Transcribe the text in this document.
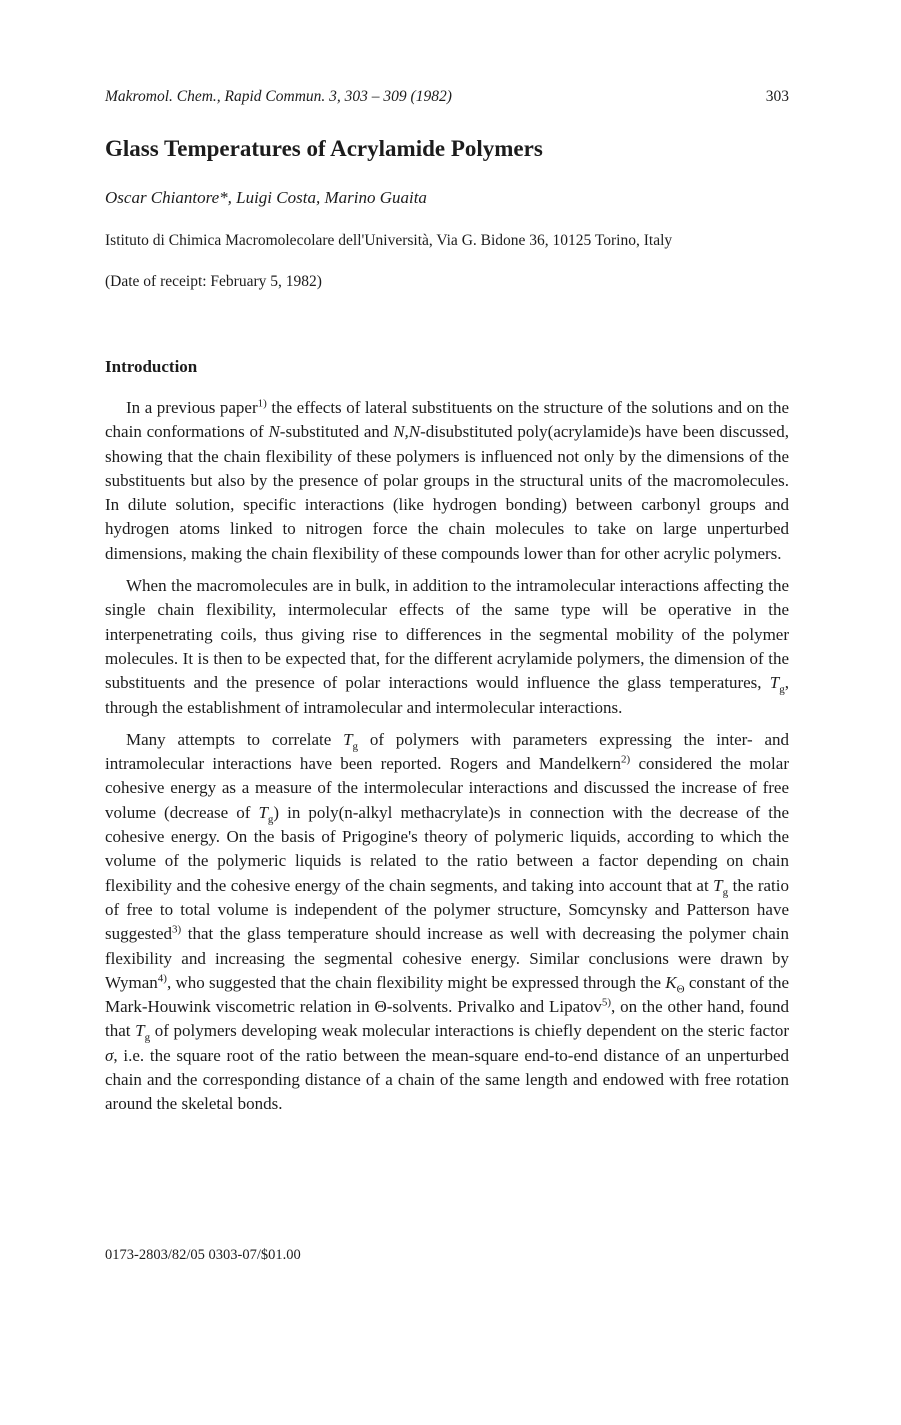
Makromol. Chem., Rapid Commun. 3, 303 – 309 (1982)	303
Glass Temperatures of Acrylamide Polymers
Oscar Chiantore*, Luigi Costa, Marino Guaita
Istituto di Chimica Macromolecolare dell'Università, Via G. Bidone 36, 10125 Torino, Italy
(Date of receipt: February 5, 1982)
Introduction

In a previous paper$^{1)}$ the effects of lateral substituents on the structure of the solutions and on the chain conformations of N-substituted and N,N-disubstituted poly(acrylamide)s have been discussed, showing that the chain flexibility of these polymers is influenced not only by the dimensions of the substituents but also by the presence of polar groups in the structural units of the macromolecules. In dilute solution, specific interactions (like hydrogen bonding) between carbonyl groups and hydrogen atoms linked to nitrogen force the chain molecules to take on large unperturbed dimensions, making the chain flexibility of these compounds lower than for other acrylic polymers.

When the macromolecules are in bulk, in addition to the intramolecular interactions affecting the single chain flexibility, intermolecular effects of the same type will be operative in the interpenetrating coils, thus giving rise to differences in the segmental mobility of the polymer molecules. It is then to be expected that, for the different acrylamide polymers, the dimension of the substituents and the presence of polar interactions would influence the glass temperatures, $T_g$, through the establishment of intramolecular and intermolecular interactions.

Many attempts to correlate $T_g$ of polymers with parameters expressing the inter- and intramolecular interactions have been reported. Rogers and Mandelkern$^{2)}$ considered the molar cohesive energy as a measure of the intermolecular interactions and discussed the increase of free volume (decrease of $T_g$) in poly(n-alkyl methacrylate)s in connection with the decrease of the cohesive energy. On the basis of Prigogine's theory of polymeric liquids, according to which the volume of the polymeric liquids is related to the ratio between a factor depending on chain flexibility and the cohesive energy of the chain segments, and taking into account that at $T_g$ the ratio of free to total volume is independent of the polymer structure, Somcynsky and Patterson have suggested$^{3)}$ that the glass temperature should increase as well with decreasing the polymer chain flexibility and increasing the segmental cohesive energy. Similar conclusions were drawn by Wyman$^{4)}$, who suggested that the chain flexibility might be expressed through the $K_\Theta$ constant of the Mark-Houwink viscometric relation in Θ-solvents. Privalko and Lipatov$^{5)}$, on the other hand, found that $T_g$ of polymers developing weak molecular interactions is chiefly dependent on the steric factor σ, i.e. the square root of the ratio between the mean-square end-to-end distance of an unperturbed chain and the corresponding distance of a chain of the same length and endowed with free rotation around the skeletal bonds.

0173-2803/82/05 0303-07/$01.00
